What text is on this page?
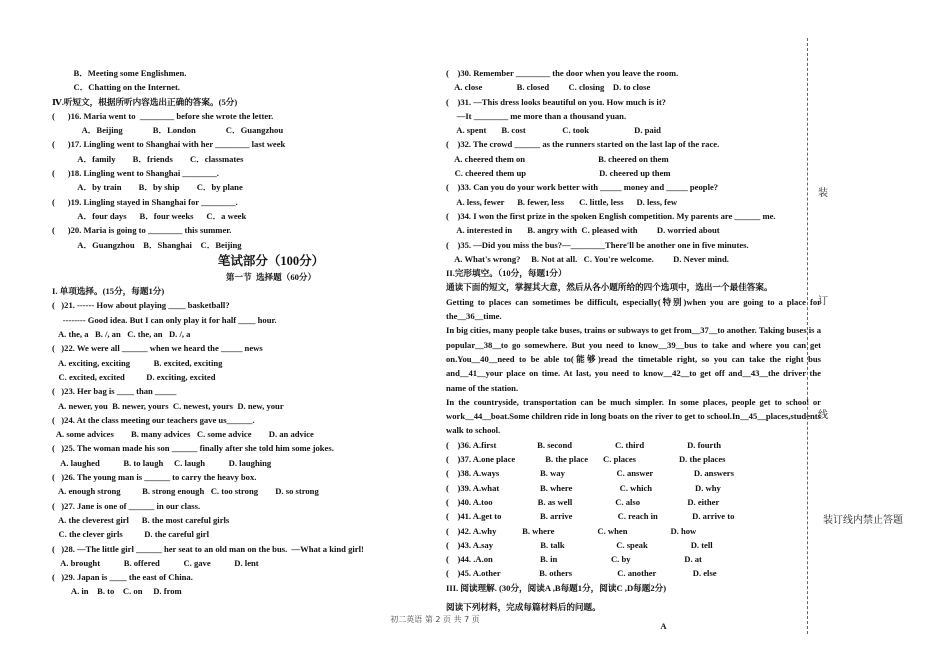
B．Meeting some Englishmen.
C．Chatting on the Internet.
Ⅳ.听短文，根据所听内容选出正确的答案。(5分)
(      )16. Maria went to  ________ before she wrote the letter.
A．Beijing              B．London              C．Guangzhou
(      )17. Lingling went to Shanghai with her ________ last week
A．family        B．friends        C．classmates
(      )18. Lingling went to Shanghai ________.
A．by train        B．by ship        C．by plane
(      )19. Lingling stayed in Shanghai for ________.
A．four days      B．four weeks      C．a week
(      )20. Maria is going to ________ this summer.
A．Guangzhou    B．Shanghai    C．Beijing
笔试部分（100分）
第一节  选择题（60分）
I. 单项选择。(15分，每题1分)
(   )21. ------ How about playing ____ basketball?
-------- Good idea. But I can only play it for half ____ hour.
A. the, a   B. /, an   C. the, an   D. /, a
(   )22. We were all ______ when we heard the _____ news
A. exciting, exciting           B. excited, exciting
C. excited, excited          D. exciting, excited
(   )23. Her bag is ____ than _____
A. newer, you  B. newer, yours  C. newest, yours  D. new, your
(   )24. At the class meeting our teachers gave us______.
A. some advices        B. many advices   C. some advice        D. an advice
(   )25. The woman made his son ______ finally after she told him some jokes.
A. laughed           B. to laugh     C. laugh           D. laughing
(   )26. The young man is ______ to carry the heavy box.
A. enough strong          B. strong enough   C. too strong        D. so strong
(   )27. Jane is one of ______ in our class.
A. the cleverest girl      B. the most careful girls
C. the clever girls          D. the careful girl
(   )28. —The little girl ______ her seat to an old man on the bus.  —What a kind girl!
A. brought           B. offered           C. gave           D. lent
(   )29. Japan is ____ the east of China.
A. in    B. to    C. on     D. from
(    )30. Remember ________ the door when you leave the room.
A. close                B. closed         C. closing    D. to close
(    )31. —This dress looks beautiful on you. How much is it?
—It ________ me more than a thousand yuan.
A. spent       B. cost                 C. took                     D. paid
(    )32. The crowd ______ as the runners started on the last lap of the race.
A. cheered them on                                  B. cheered on them
C. cheered them up                                  D. cheered up them
(    )33. Can you do your work better with _____ money and _____ people?
A. less, fewer      B. fewer, less       C. little, less      D. less, few
(    )34. I won the first prize in the spoken English competition. My parents are ______ me.
A. interested in       B. angry with  C. pleased with         D. worried about
(    )35. —Did you miss the bus?—________There'll be another one in five minutes.
A. What's wrong?     B. Not at all.   C. You're welcome.         D. Never mind.
II.完形填空。（10分，每题1分）
通读下面的短文，掌握其大意，然后从各小题所给的四个选项中，选出一个最佳答案。
Getting to places can sometimes be difficult, especially(特别)when you are going to a place for the__36__time.
In big cities, many people take buses, trains or subways to get from__37__to another. Taking buses is a popular__38__to go somewhere. But you need to know__39__bus to take and where you can get on.You__40__need to be able to(能够)read the timetable right, so you can take the right bus and__41__your place on time. At last, you need to know__42__to get off and__43__the driver the name of the station.
In the countryside, transportation can be much simpler. In some places, people get to school or work__44__boat.Some children ride in long boats on the river to get to school.In__45__places,students walk to school.
(    )36. A.first                   B. second                    C. third                    D. fourth
(    )37. A.one place              B. the place       C. places                    D. the places
(    )38. A.ways                   B. way                        C. answer                   D. answers
(    )39. A.what                   B. where                      C. which                    D. why
(    )40. A.too                     B. as well                    C. also                      D. either
(    )41. A.get to                  B. arrive                     C. reach in                D. arrive to
(    )42. A.why            B. where                    C. when                    D. how
(    )43. A.say                      B. talk                        C. speak                    D. tell
(    )44. .A.on                      B. in                         C. by                         D. at
(    )45. A.other                  B. others                     C. another                 D. else
III. 阅读理解. (30分，阅读A ,B每题1分，阅读C ,D每题2分)
阅读下列材料，完成每篇材料后的问题。
A
装
订
线
装订线内禁止答题
初二英语 第 2 页 共 7 页
